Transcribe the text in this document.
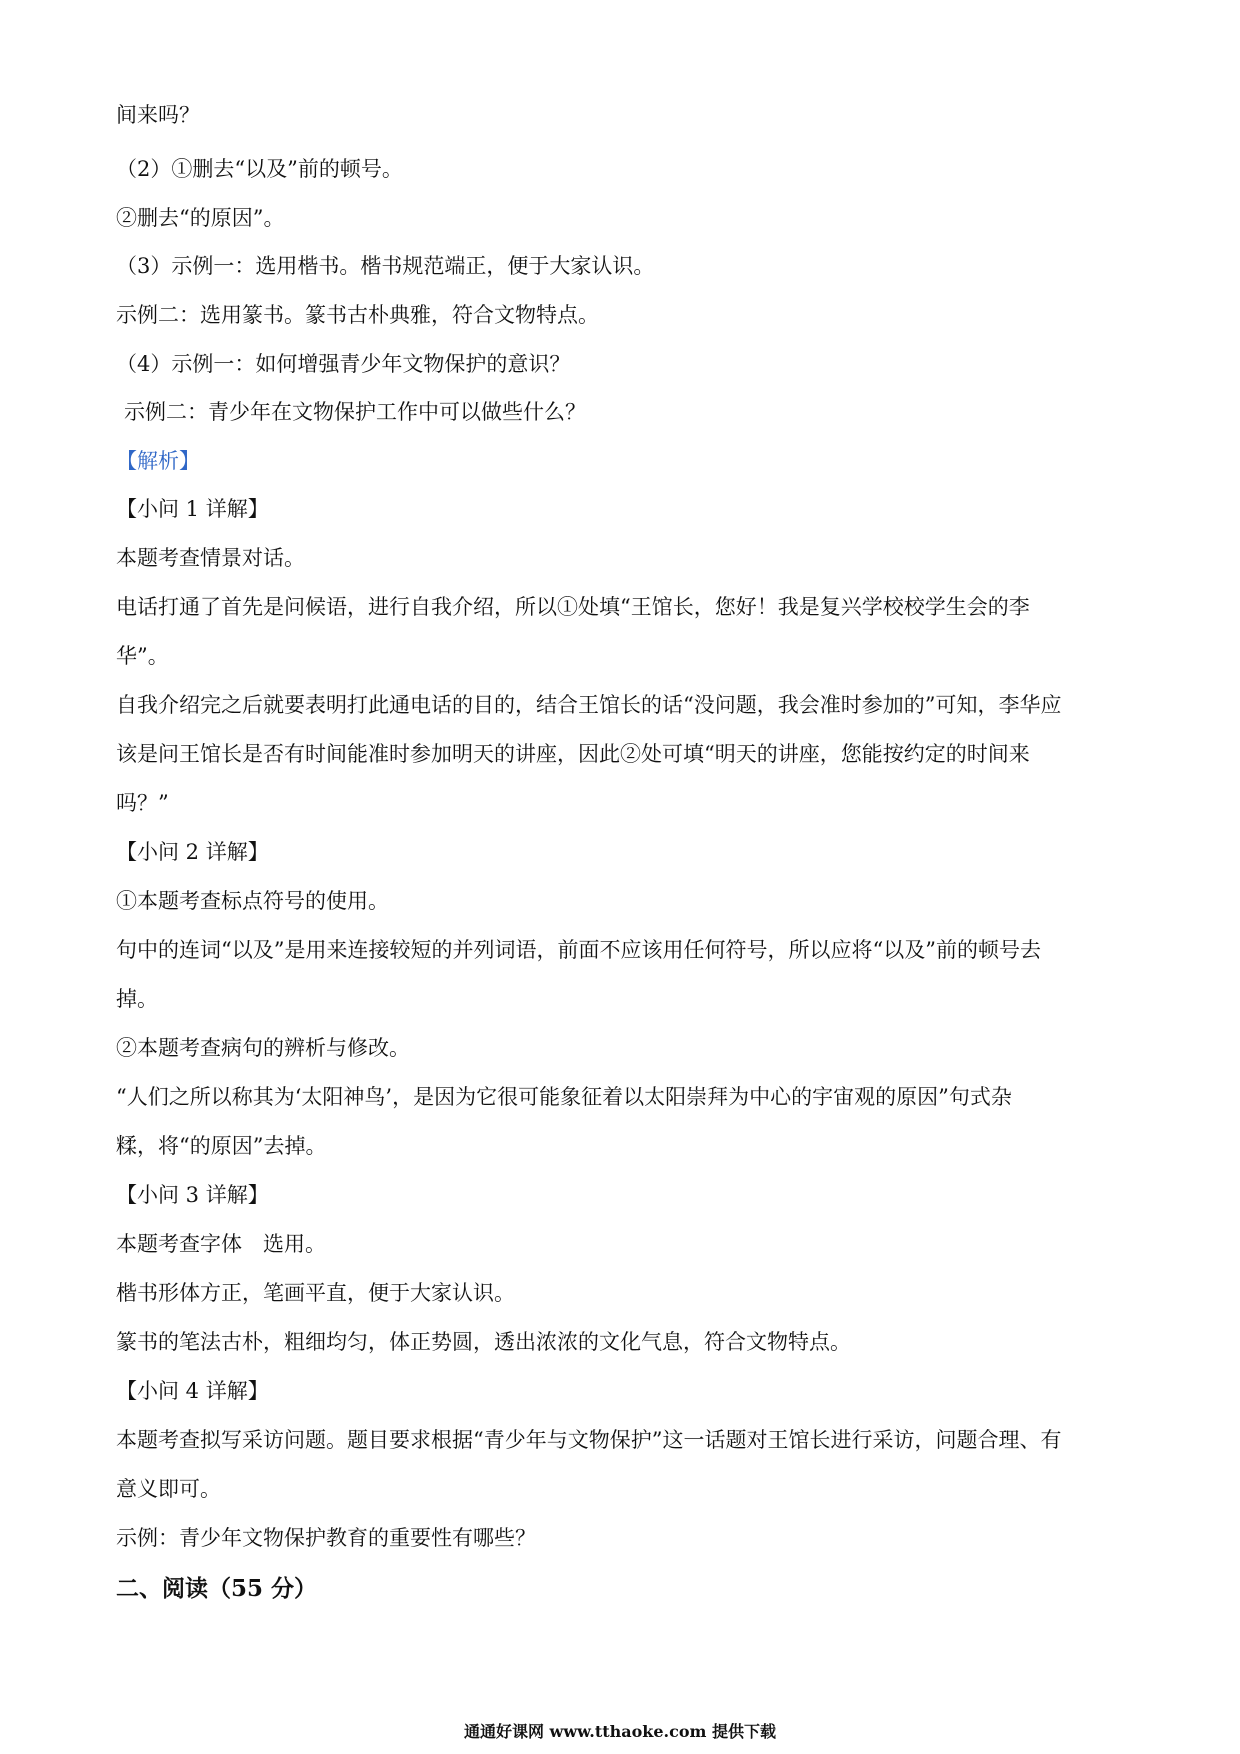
间来吗？
（2）①删去“以及”前的顿号。
②删去“的原因”。
（3）示例一：选用楷书。楷书规范端正，便于大家认识。
示例二：选用篆书。篆书古朴典雅，符合文物特点。
（4）示例一：如何增强青少年文物保护的意识？
示例二：青少年在文物保护工作中可以做些什么？
【解析】
【小问 1 详解】
本题考查情景对话。
电话打通了首先是问候语，进行自我介绍，所以①处填“王馆长，您好！我是复兴学校校学生会的李
华”。
自我介绍完之后就要表明打此通电话的目的，结合王馆长的话“没问题，我会准时参加的”可知，李华应
该是问王馆长是否有时间能准时参加明天的讲座，因此②处可填“明天的讲座，您能按约定的时间来
吗？”
【小问 2 详解】
①本题考查标点符号的使用。
句中的连词“以及”是用来连接较短的并列词语，前面不应该用任何符号，所以应将“以及”前的顿号去
掉。
②本题考查病句的辨析与修改。
“人们之所以称其为‘太阳神鸟’，是因为它很可能象征着以太阳崇拜为中心的宇宙观的原因”句式杂
糅，将“的原因”去掉。
【小问 3 详解】
本题考查字体　选用。
楷书形体方正，笔画平直，便于大家认识。
篆书的笔法古朴，粗细均匀，体正势圆，透出浓浓的文化气息，符合文物特点。
【小问 4 详解】
本题考查拟写采访问题。题目要求根据“青少年与文物保护”这一话题对王馆长进行采访，问题合理、有
意义即可。
示例：青少年文物保护教育的重要性有哪些？
二、阅读（55 分）
通通好课网 www.tthaoke.com 提供下载
